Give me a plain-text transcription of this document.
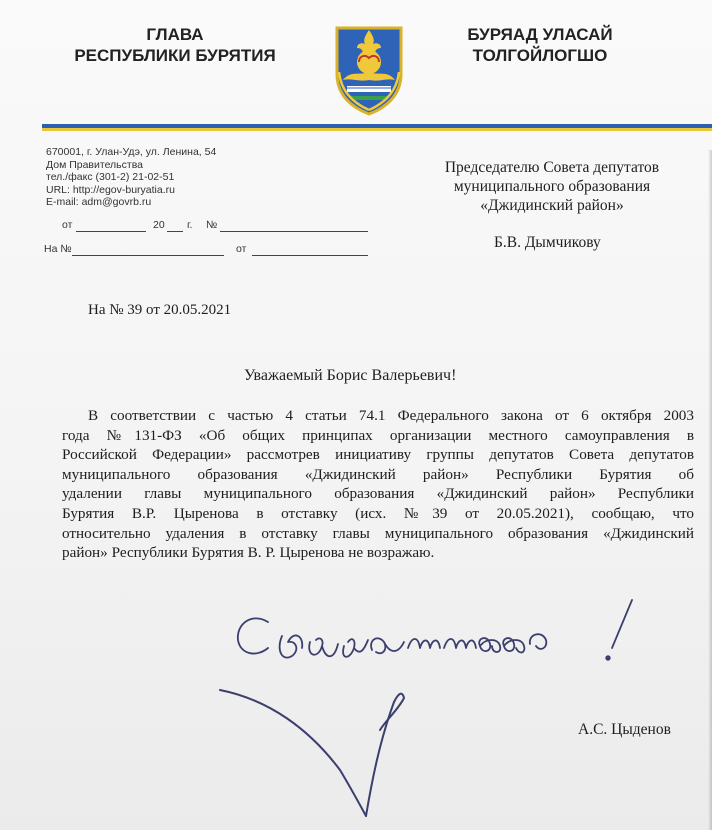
ГЛАВА
РЕСПУБЛИКИ БУРЯТИЯ
БУРЯАД УЛАСАЙ
ТОЛГОЙЛОГШО
670001, г. Улан-Удэ, ул. Ленина, 54
Дом Правительства
тел./факс (301-2) 21-02-51
URL: http://egov-buryatia.ru
E-mail: adm@govrb.ru
от	20 г. №
На №	от
Председателю Совета депутатов
муниципального образования
«Джидинский район»
Б.В. Дымчикову
На № 39 от 20.05.2021
Уважаемый Борис Валерьевич!
В соответствии с частью 4 статьи 74.1 Федерального закона от 6 октября 2003
года №131-ФЗ «Об общих принципах организации местного самоуправления в
Российской Федерации» рассмотрев инициативу группы депутатов Совета депутатов
муниципального образования «Джидинский район» Республики Бурятия об
удалении главы муниципального образования «Джидинский район» Республики
Бурятия В.Р. Цыренова в отставку (исх. №39 от 20.05.2021), сообщаю, что
относительно удаления в отставку главы муниципального образования «Джидинский
район» Республики Бурятия В. Р. Цыренова не возражаю.
А.С. Цыденов
